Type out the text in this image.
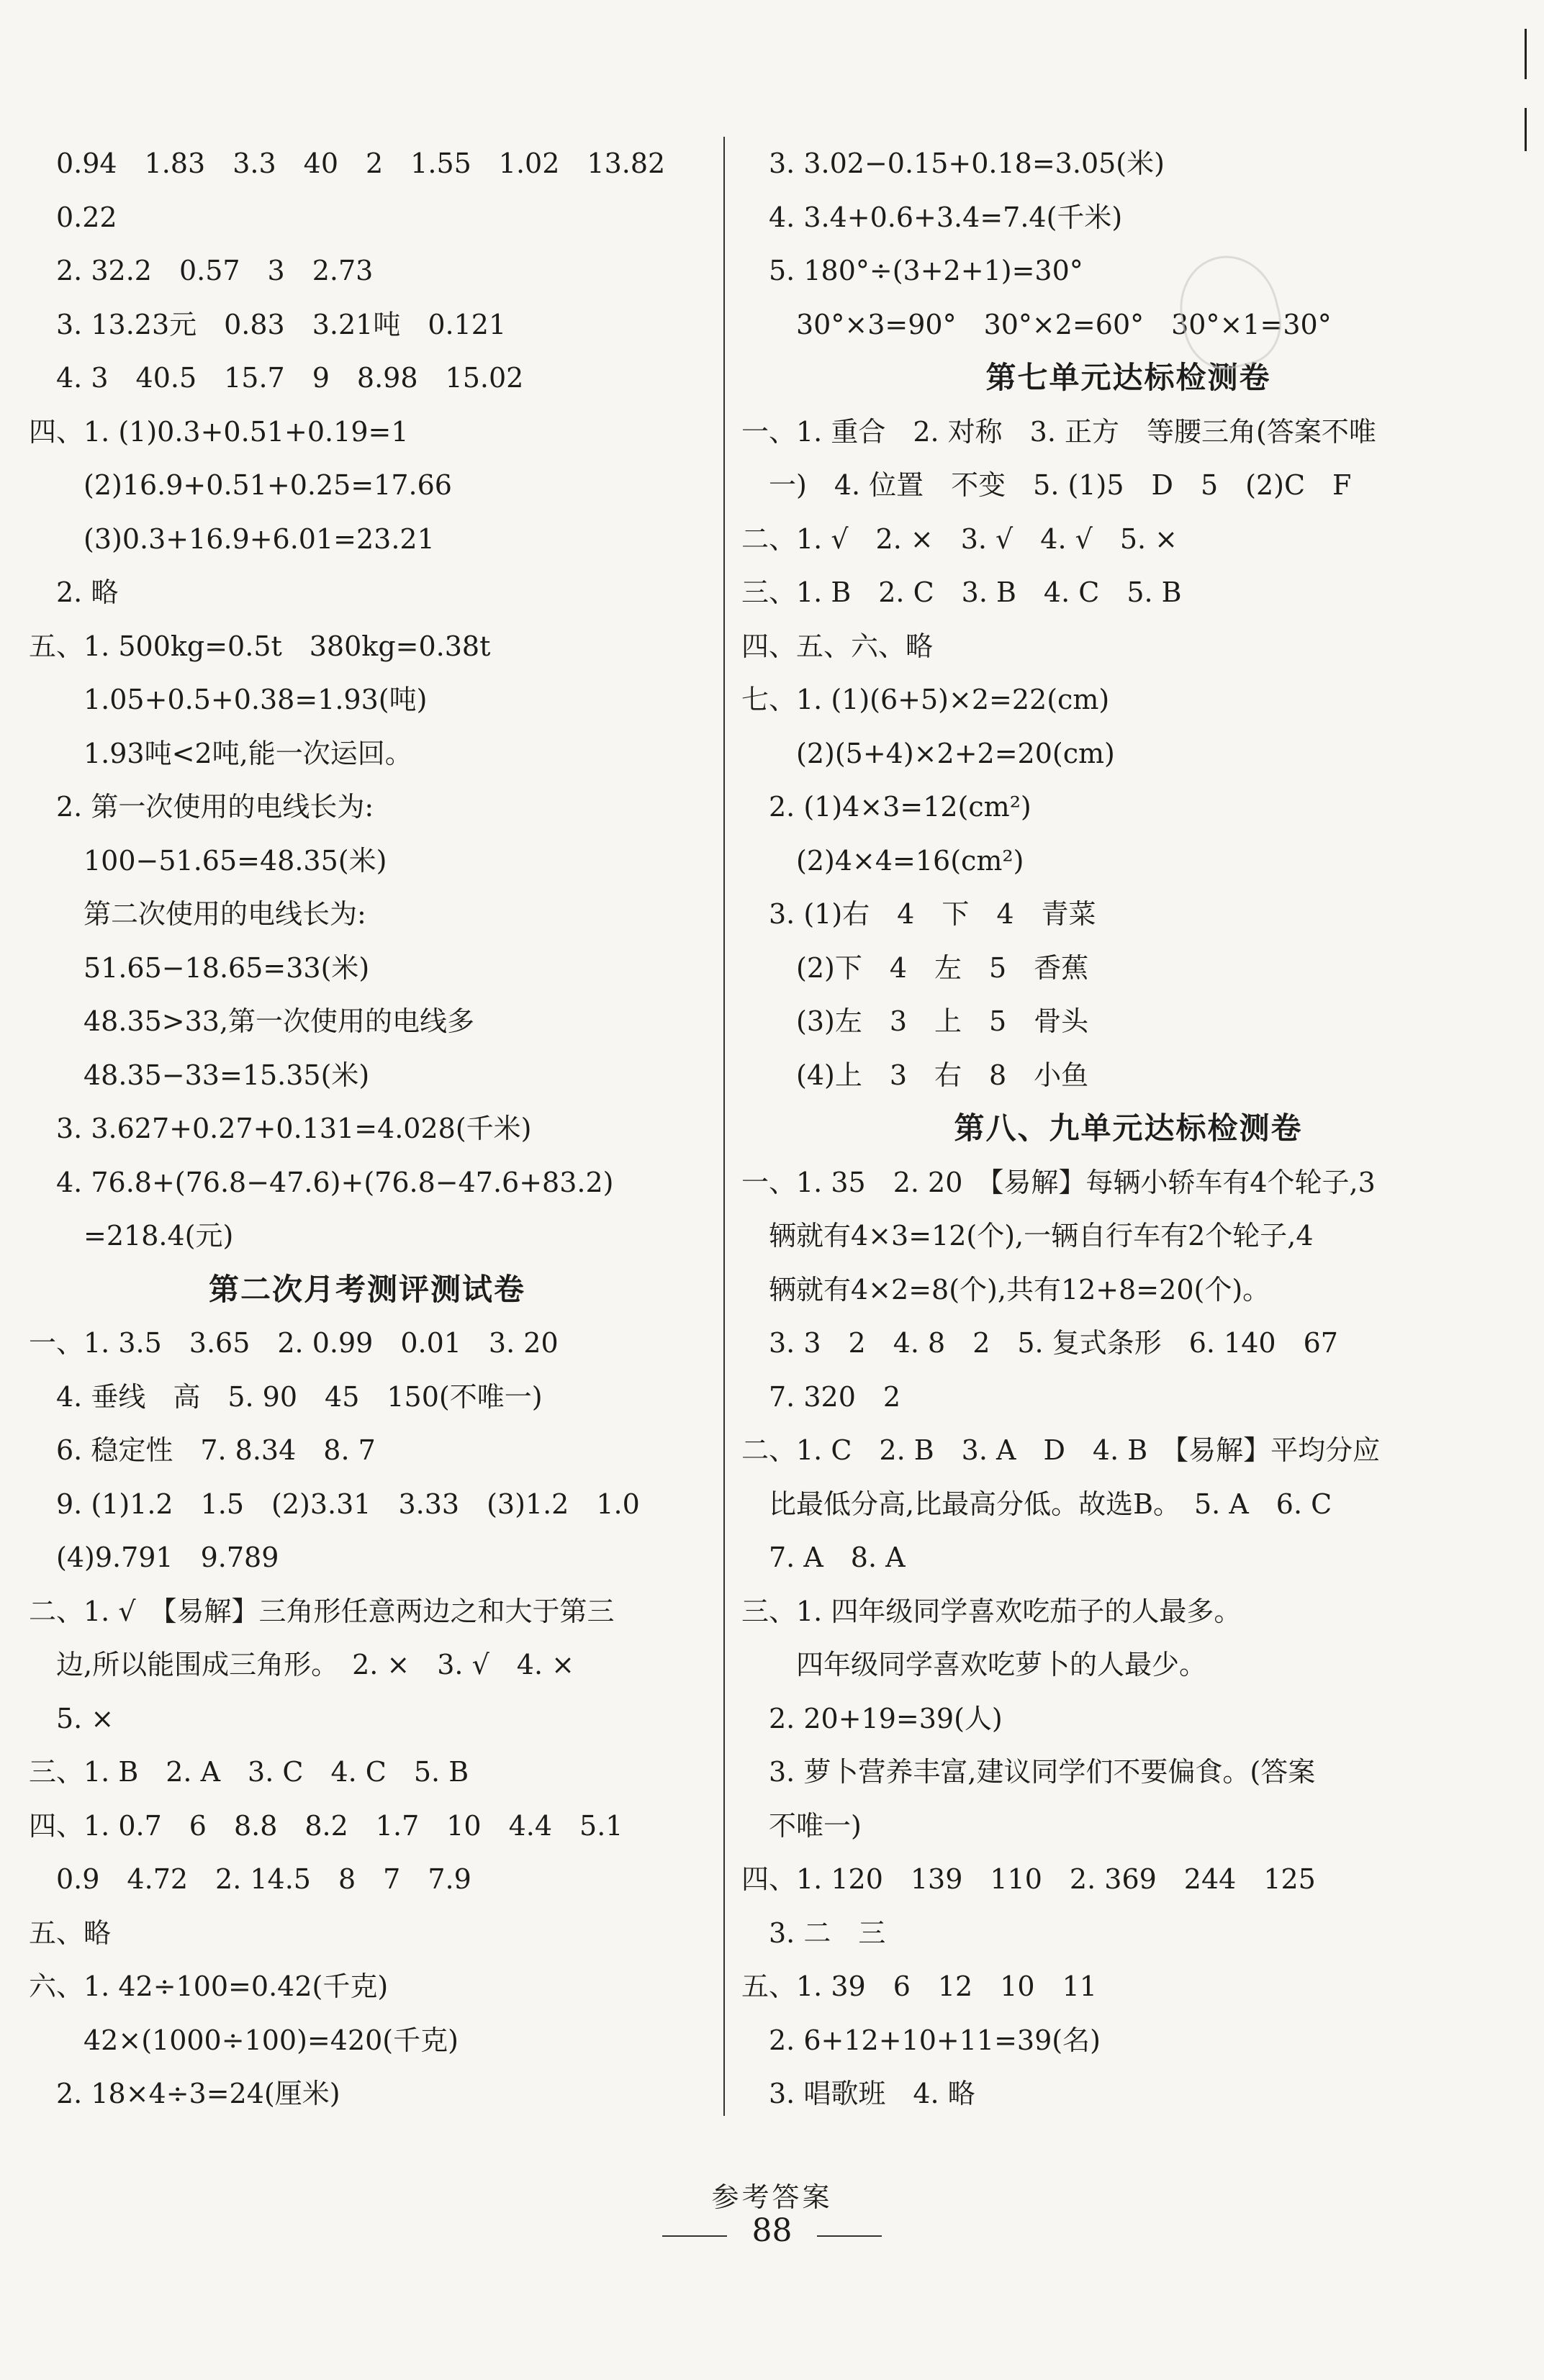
　0.94　1.83　3.3　40　2　1.55　1.02　13.82
　0.22
　2. 32.2　0.57　3　2.73
　3. 13.23元　0.83　3.21吨　0.121
　4. 3　40.5　15.7　9　8.98　15.02
四、1. (1)0.3+0.51+0.19=1
　　(2)16.9+0.51+0.25=17.66
　　(3)0.3+16.9+6.01=23.21
　2. 略
五、1. 500kg=0.5t　380kg=0.38t
　　1.05+0.5+0.38=1.93(吨)
　　1.93吨<2吨,能一次运回。
　2. 第一次使用的电线长为:
　　100−51.65=48.35(米)
　　第二次使用的电线长为:
　　51.65−18.65=33(米)
　　48.35>33,第一次使用的电线多
　　48.35−33=15.35(米)
　3. 3.627+0.27+0.131=4.028(千米)
　4. 76.8+(76.8−47.6)+(76.8−47.6+83.2)
　　=218.4(元)
第二次月考测评测试卷
一、1. 3.5　3.65　2. 0.99　0.01　3. 20
　4. 垂线　高　5. 90　45　150(不唯一)
　6. 稳定性　7. 8.34　8. 7
　9. (1)1.2　1.5　(2)3.31　3.33　(3)1.2　1.0
　(4)9.791　9.789
二、1. √　【易解】三角形任意两边之和大于第三
　边,所以能围成三角形。　2. ×　3. √　4. ×
　5. ×
三、1. B　2. A　3. C　4. C　5. B
四、1. 0.7　6　8.8　8.2　1.7　10　4.4　5.1
　0.9　4.72　2. 14.5　8　7　7.9
五、略
六、1. 42÷100=0.42(千克)
　　42×(1000÷100)=420(千克)
　2. 18×4÷3=24(厘米)
　3. 3.02−0.15+0.18=3.05(米)
　4. 3.4+0.6+3.4=7.4(千米)
　5. 180°÷(3+2+1)=30°
　　30°×3=90°　30°×2=60°　30°×1=30°
第七单元达标检测卷
一、1. 重合　2. 对称　3. 正方　等腰三角(答案不唯
　一)　4. 位置　不变　5. (1)5　D　5　(2)C　F
二、1. √　2. ×　3. √　4. √　5. ×
三、1. B　2. C　3. B　4. C　5. B
四、五、六、略
七、1. (1)(6+5)×2=22(cm)
　　(2)(5+4)×2+2=20(cm)
　2. (1)4×3=12(cm²)
　　(2)4×4=16(cm²)
　3. (1)右　4　下　4　青菜
　　(2)下　4　左　5　香蕉
　　(3)左　3　上　5　骨头
　　(4)上　3　右　8　小鱼
第八、九单元达标检测卷
一、1. 35　2. 20　【易解】每辆小轿车有4个轮子,3
　辆就有4×3=12(个),一辆自行车有2个轮子,4
　辆就有4×2=8(个),共有12+8=20(个)。
　3. 3　2　4. 8　2　5. 复式条形　6. 140　67
　7. 320　2
二、1. C　2. B　3. A　D　4. B　【易解】平均分应
　比最低分高,比最高分低。故选B。　5. A　6. C
　7. A　8. A
三、1. 四年级同学喜欢吃茄子的人最多。
　　四年级同学喜欢吃萝卜的人最少。
　2. 20+19=39(人)
　3. 萝卜营养丰富,建议同学们不要偏食。(答案
　不唯一)
四、1. 120　139　110　2. 369　244　125
　3. 二　三
五、1. 39　6　12　10　11
　2. 6+12+10+11=39(名)
　3. 唱歌班　4. 略
参考答案
88
